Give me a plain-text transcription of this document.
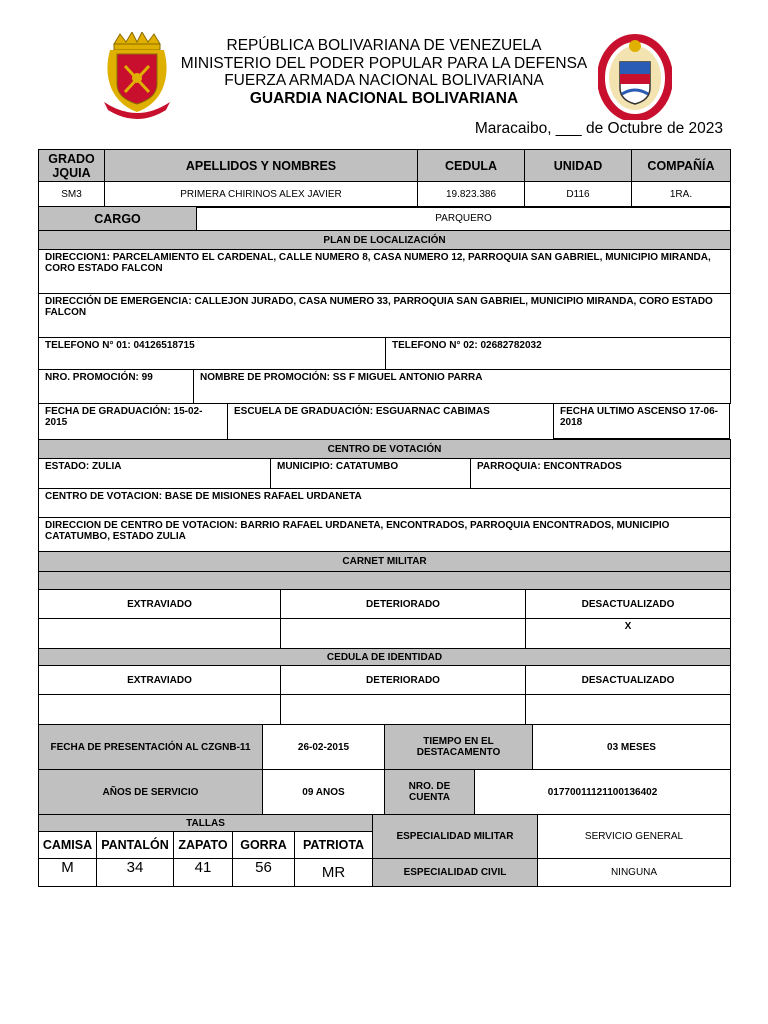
REPÚBLICA BOLIVARIANA DE VENEZUELA
MINISTERIO DEL PODER POPULAR PARA LA DEFENSA
FUERZA ARMADA NACIONAL BOLIVARIANA
GUARDIA NACIONAL BOLIVARIANA
Maracaibo, ___ de Octubre de 2023
GRADO JQUIA	APELLIDOS Y NOMBRES	CEDULA	UNIDAD	COMPAÑÍA
SM3	PRIMERA CHIRINOS ALEX JAVIER	19.823.386	D116	1RA.
CARGO	PARQUERO
PLAN DE LOCALIZACIÓN			
DIRECCION1: PARCELAMIENTO EL CARDENAL, CALLE NUMERO 8, CASA NUMERO 12, PARROQUIA SAN GABRIEL, MUNICIPIO MIRANDA, CORO ESTADO FALCON			
DIRECCIÓN DE EMERGENCIA: CALLEJON JURADO, CASA NUMERO 33, PARROQUIA SAN GABRIEL, MUNICIPIO MIRANDA, CORO ESTADO FALCON			
TELEFONO N° 01: 04126518715			TELEFONO N° 02: 02682782032
NRO. PROMOCIÓN: 99	NOMBRE DE PROMOCIÓN: SS F MIGUEL ANTONIO PARRA		
FECHA DE GRADUACIÓN: 15-02-2015		ESCUELA DE GRADUACIÓN: ESGUARNAC CABIMAS	FECHA ULTIMO ASCENSO 17-06-2018
CENTRO DE VOTACIÓN
ESTADO: ZULIA	MUNICIPIO: CATATUMBO	PARROQUIA: ENCONTRADOS
CENTRO DE VOTACION: BASE DE MISIONES RAFAEL URDANETA
DIRECCION DE CENTRO DE VOTACION: BARRIO RAFAEL URDANETA, ENCONTRADOS, PARROQUIA ENCONTRADOS, MUNICIPIO CATATUMBO, ESTADO ZULIA
CARNET MILITAR		

EXTRAVIADO	DETERIORADO	DESACTUALIZADO
		X
CEDULA DE IDENTIDAD		
EXTRAVIADO	DETERIORADO	DESACTUALIZADO

FECHA DE PRESENTACIÓN AL CZGNB-11	26-02-2015	TIEMPO EN EL DESTACAMENTO		03 MESES
AÑOS DE SERVICIO	09 ANOS	NRO. DE CUENTA	01770011121100136402	
TALLAS				
CAMISA	PANTALÓN	ZAPATO	GORRA	PATRIOTA
M	34	41	56	MR
ESPECIALIDAD MILITAR	SERVICIO GENERAL
ESPECIALIDAD CIVIL	NINGUNA
